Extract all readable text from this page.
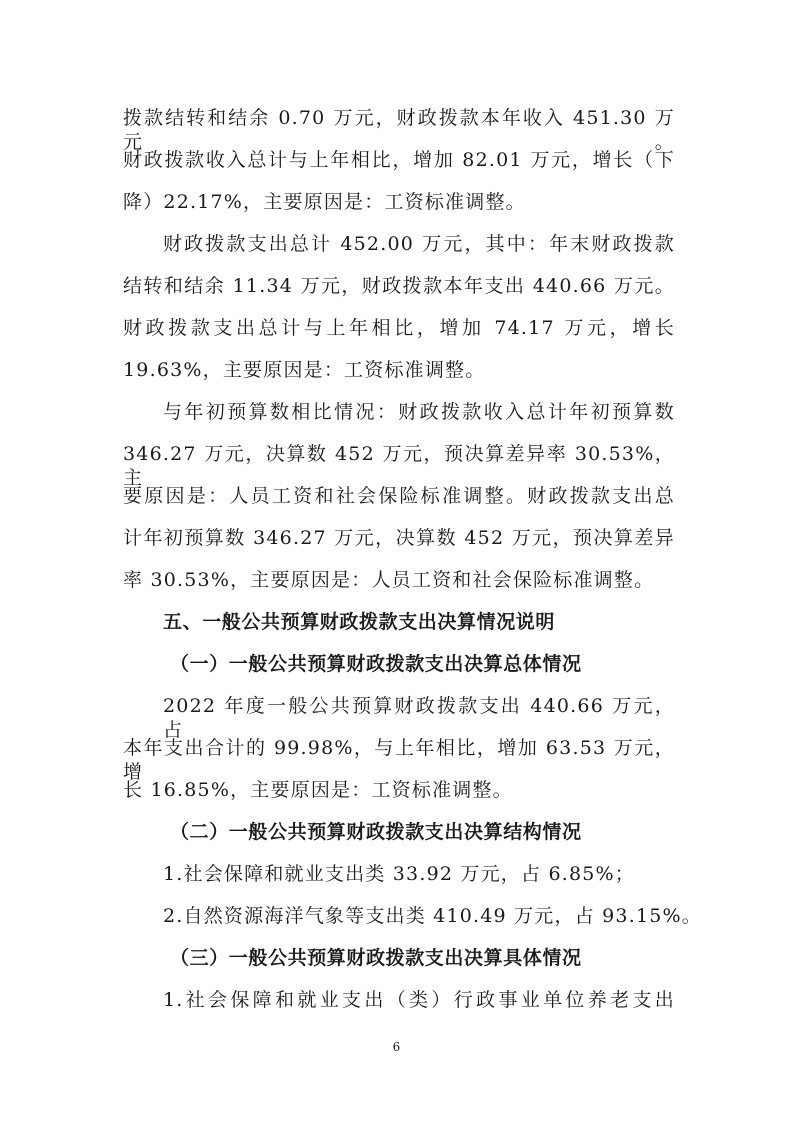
拨款结转和结余 0.70 万元，财政拨款本年收入 451.30 万元。
财政拨款收入总计与上年相比，增加 82.01 万元，增长（下
降）22.17%，主要原因是：工资标准调整。
财政拨款支出总计 452.00 万元，其中：年末财政拨款
结转和结余 11.34 万元，财政拨款本年支出 440.66 万元。
财政拨款支出总计与上年相比，增加 74.17 万元，增长
19.63%，主要原因是：工资标准调整。
与年初预算数相比情况：财政拨款收入总计年初预算数
346.27 万元，决算数 452 万元，预决算差异率 30.53%，主
要原因是：人员工资和社会保险标准调整。财政拨款支出总
计年初预算数 346.27 万元，决算数 452 万元，预决算差异
率 30.53%，主要原因是：人员工资和社会保险标准调整。
五、一般公共预算财政拨款支出决算情况说明
（一）一般公共预算财政拨款支出决算总体情况
2022 年度一般公共预算财政拨款支出 440.66 万元，占
本年支出合计的 99.98%，与上年相比，增加 63.53 万元，增
长 16.85%，主要原因是：工资标准调整。
（二）一般公共预算财政拨款支出决算结构情况
1.社会保障和就业支出类 33.92 万元，占 6.85%；
2.自然资源海洋气象等支出类 410.49 万元，占 93.15%。
（三）一般公共预算财政拨款支出决算具体情况
1.社会保障和就业支出（类）行政事业单位养老支出
6
